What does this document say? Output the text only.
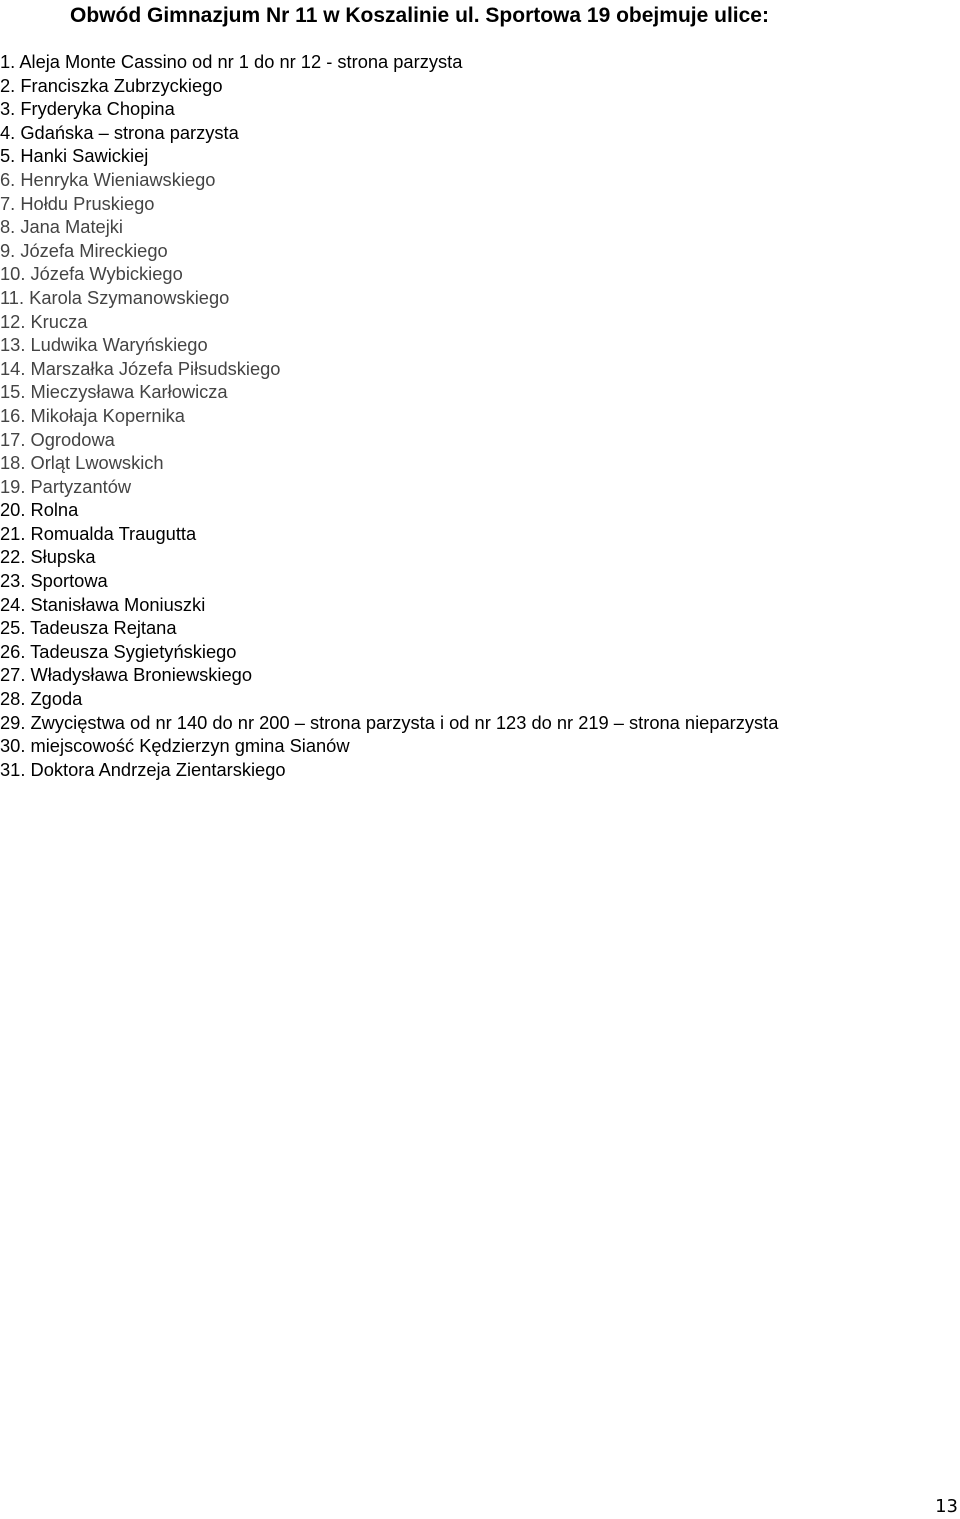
Obwód Gimnazjum Nr 11 w Koszalinie ul. Sportowa 19 obejmuje ulice:
1. Aleja Monte Cassino od nr 1 do nr 12 - strona parzysta
2. Franciszka Zubrzyckiego
3. Fryderyka Chopina
4. Gdańska – strona parzysta
5. Hanki Sawickiej
6. Henryka Wieniawskiego
7. Hołdu Pruskiego
8. Jana Matejki
9. Józefa Mireckiego
10. Józefa Wybickiego
11. Karola Szymanowskiego
12. Krucza
13. Ludwika Waryńskiego
14. Marszałka Józefa Piłsudskiego
15. Mieczysława Karłowicza
16. Mikołaja Kopernika
17. Ogrodowa
18. Orląt Lwowskich
19. Partyzantów
20. Rolna
21. Romualda Traugutta
22. Słupska
23. Sportowa
24. Stanisława Moniuszki
25. Tadeusza Rejtana
26. Tadeusza Sygietyńskiego
27. Władysława Broniewskiego
28. Zgoda
29. Zwycięstwa od nr 140 do nr 200 – strona parzysta i od nr 123 do nr 219 – strona nieparzysta
30. miejscowość Kędzierzyn gmina Sianów
31. Doktora Andrzeja Zientarskiego
13
